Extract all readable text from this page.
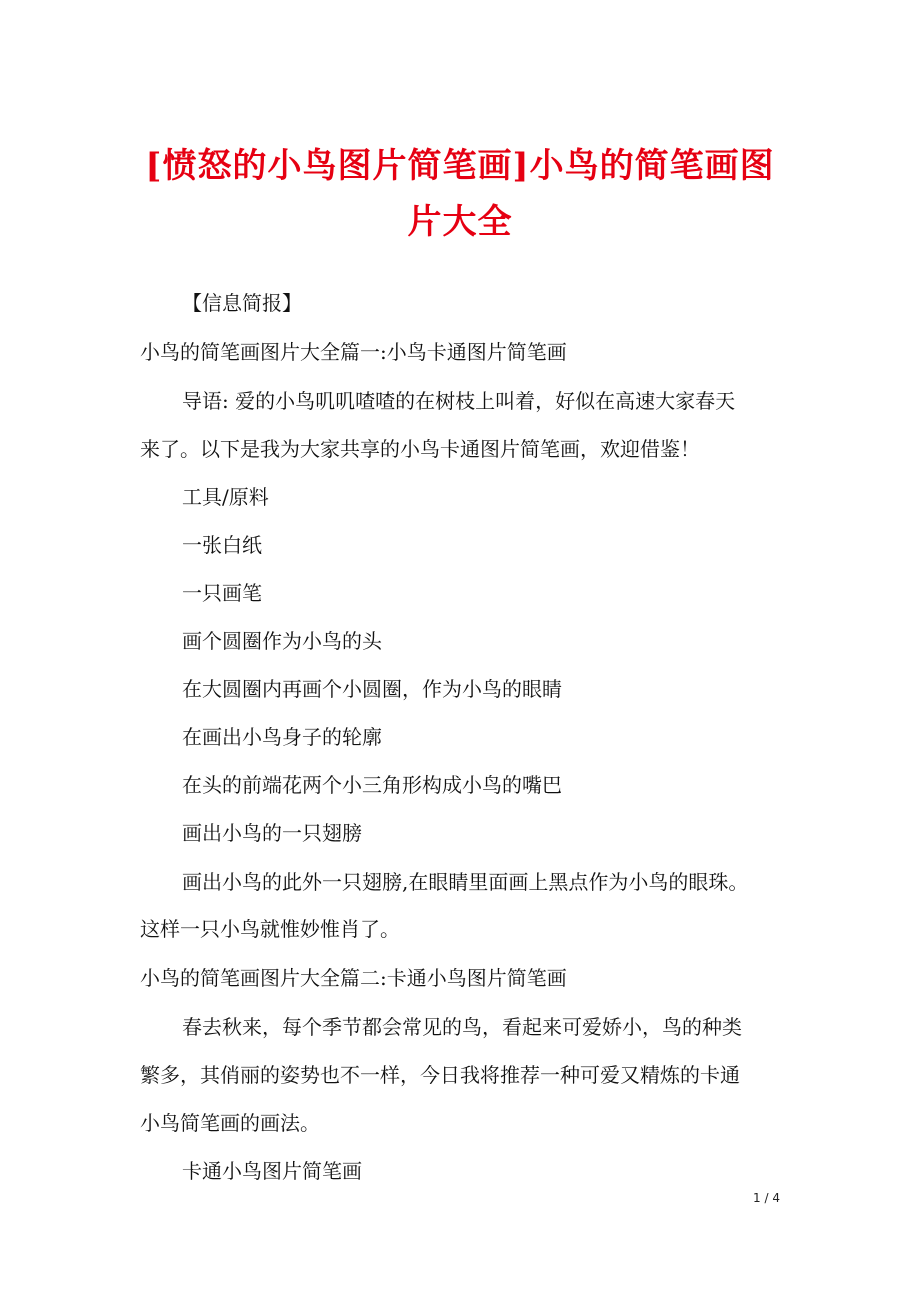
[愤怒的小鸟图片简笔画]小鸟的简笔画图
片大全
【信息简报】
小鸟的简笔画图片大全篇一:小鸟卡通图片简笔画
导语: 爱的小鸟叽叽喳喳的在树枝上叫着，好似在高速大家春天
来了。以下是我为大家共享的小鸟卡通图片简笔画，欢迎借鉴！
工具/原料
一张白纸
一只画笔
画个圆圈作为小鸟的头
在大圆圈内再画个小圆圈，作为小鸟的眼睛
在画出小鸟身子的轮廓
在头的前端花两个小三角形构成小鸟的嘴巴
画出小鸟的一只翅膀
画出小鸟的此外一只翅膀,在眼睛里面画上黑点作为小鸟的眼珠。
这样一只小鸟就惟妙惟肖了。
小鸟的简笔画图片大全篇二:卡通小鸟图片简笔画
春去秋来，每个季节都会常见的鸟，看起来可爱娇小，鸟的种类
繁多，其俏丽的姿势也不一样，今日我将推荐一种可爱又精炼的卡通
小鸟简笔画的画法。
卡通小鸟图片简笔画
1 / 4
